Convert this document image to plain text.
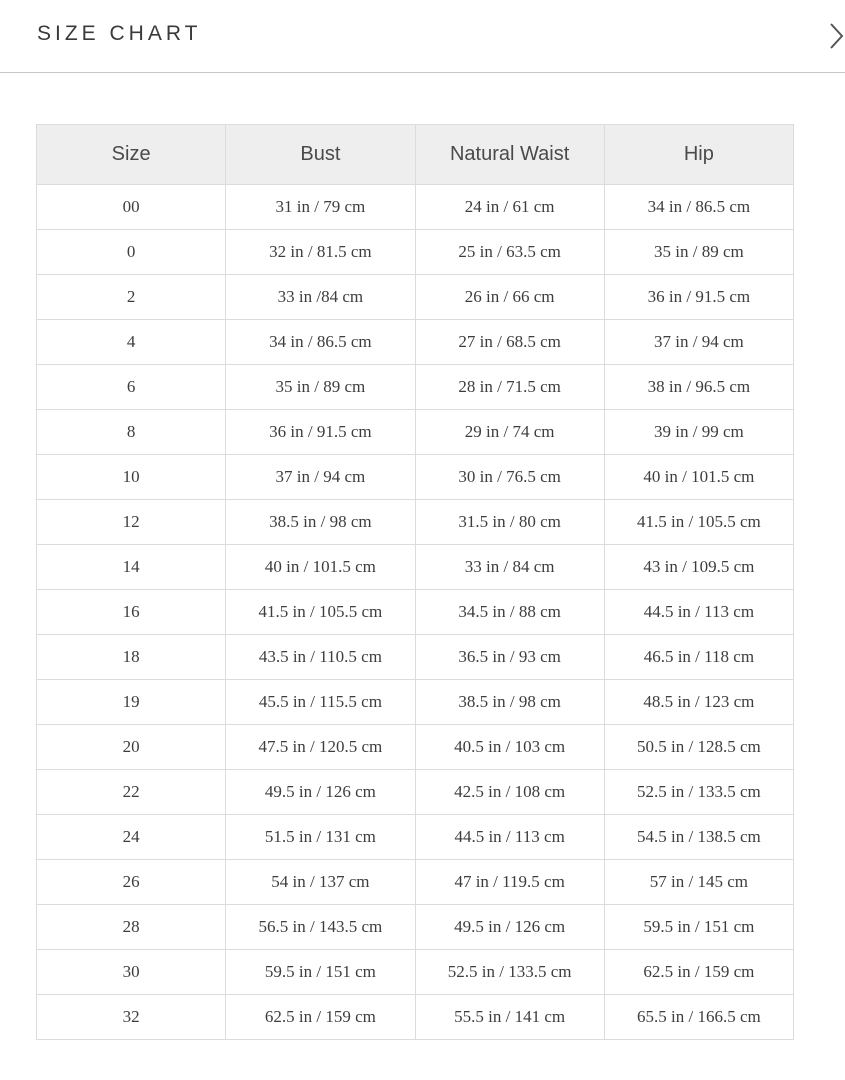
SIZE CHART
Size	Bust	Natural Waist	Hip
00	31 in / 79 cm	24 in / 61 cm	34 in / 86.5 cm
0	32 in / 81.5 cm	25 in / 63.5 cm	35 in / 89 cm
2	33 in /84 cm	26 in / 66 cm	36 in / 91.5 cm
4	34 in / 86.5 cm	27 in / 68.5 cm	37 in / 94 cm
6	35 in / 89 cm	28 in / 71.5 cm	38 in / 96.5 cm
8	36 in / 91.5 cm	29 in / 74 cm	39 in / 99 cm
10	37 in / 94 cm	30 in / 76.5 cm	40 in / 101.5 cm
12	38.5 in / 98 cm	31.5 in / 80 cm	41.5 in / 105.5 cm
14	40 in / 101.5 cm	33 in / 84 cm	43 in / 109.5 cm
16	41.5 in / 105.5 cm	34.5 in / 88 cm	44.5 in / 113 cm
18	43.5 in / 110.5 cm	36.5 in / 93 cm	46.5 in / 118 cm
19	45.5 in / 115.5 cm	38.5 in / 98 cm	48.5 in / 123 cm
20	47.5 in / 120.5 cm	40.5 in / 103 cm	50.5 in / 128.5 cm
22	49.5 in / 126 cm	42.5 in / 108 cm	52.5 in / 133.5 cm
24	51.5 in / 131 cm	44.5 in / 113 cm	54.5 in / 138.5 cm
26	54 in / 137 cm	47 in / 119.5 cm	57 in / 145 cm
28	56.5 in / 143.5 cm	49.5 in / 126 cm	59.5 in / 151 cm
30	59.5 in / 151 cm	52.5 in / 133.5 cm	62.5 in / 159 cm
32	62.5 in / 159 cm	55.5 in / 141 cm	65.5 in / 166.5 cm
